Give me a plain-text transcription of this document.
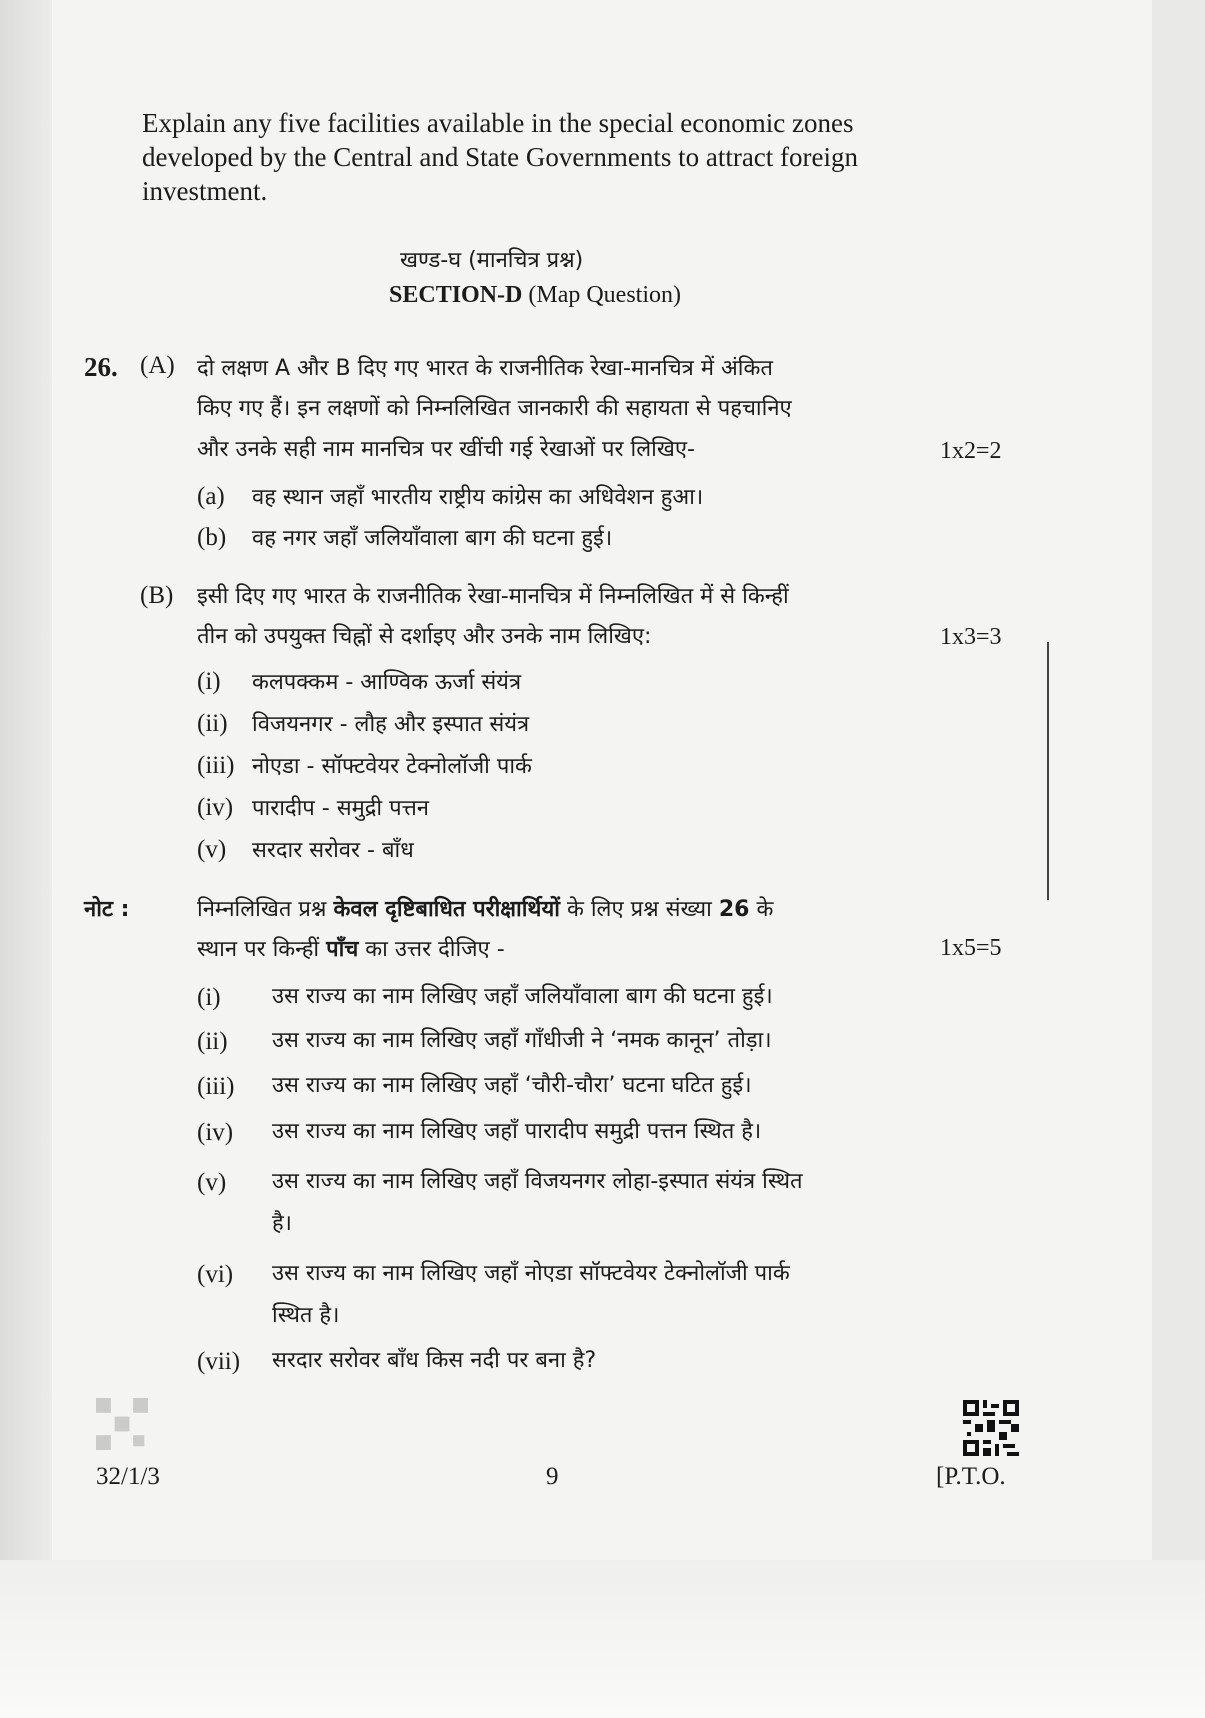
Explain any five facilities available in the special economic zones developed by the Central and State Governments to attract foreign investment.
खण्ड-घ (मानचित्र प्रश्न)
SECTION-D (Map Question)
26. (A) दो लक्षण A और B दिए गए भारत के राजनीतिक रेखा-मानचित्र में अंकित
किए गए हैं। इन लक्षणों को निम्नलिखित जानकारी की सहायता से पहचानिए
और उनके सही नाम मानचित्र पर खींची गई रेखाओं पर लिखिए-	1x2=2
(a) वह स्थान जहाँ भारतीय राष्ट्रीय कांग्रेस का अधिवेशन हुआ।
(b) वह नगर जहाँ जलियाँवाला बाग की घटना हुई।
(B) इसी दिए गए भारत के राजनीतिक रेखा-मानचित्र में निम्नलिखित में से किन्हीं
तीन को उपयुक्त चिह्नों से दर्शाइए और उनके नाम लिखिए:	1x3=3
(i) कलपक्कम - आण्विक ऊर्जा संयंत्र
(ii) विजयनगर - लौह और इस्पात संयंत्र
(iii) नोएडा - सॉफ्टवेयर टेक्नोलॉजी पार्क
(iv) पारादीप - समुद्री पत्तन
(v) सरदार सरोवर - बाँध
नोट :	निम्नलिखित प्रश्न केवल दृष्टिबाधित परीक्षार्थियों के लिए प्रश्न संख्या 26 के
स्थान पर किन्हीं पाँच का उत्तर दीजिए -	1x5=5
(i) उस राज्य का नाम लिखिए जहाँ जलियाँवाला बाग की घटना हुई।
(ii) उस राज्य का नाम लिखिए जहाँ गाँधीजी ने ‘नमक कानून’ तोड़ा।
(iii) उस राज्य का नाम लिखिए जहाँ ‘चौरी-चौरा’ घटना घटित हुई।
(iv) उस राज्य का नाम लिखिए जहाँ पारादीप समुद्री पत्तन स्थित है।
(v) उस राज्य का नाम लिखिए जहाँ विजयनगर लोहा-इस्पात संयंत्र स्थित
है।
(vi) उस राज्य का नाम लिखिए जहाँ नोएडा सॉफ्टवेयर टेक्नोलॉजी पार्क
स्थित है।
(vii) सरदार सरोवर बाँध किस नदी पर बना है?
32/1/3	9	[P.T.O.
